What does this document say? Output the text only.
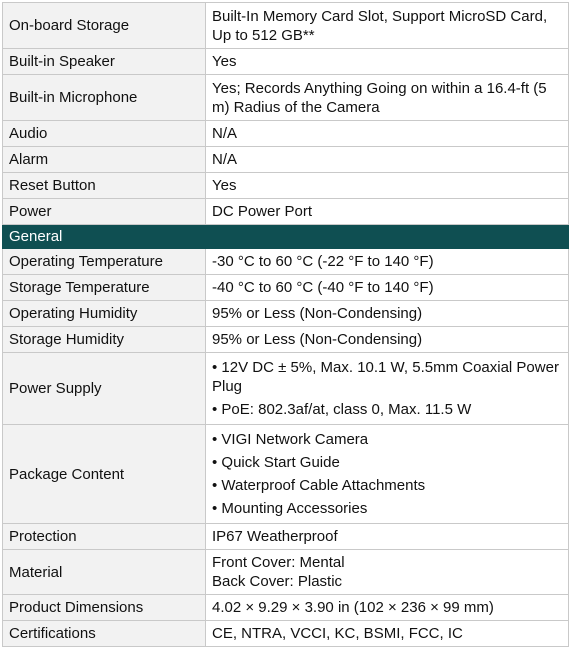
On-board Storage	Built-In Memory Card Slot, Support MicroSD Card, Up to 512 GB**
Built-in Speaker	Yes
Built-in Microphone	Yes; Records Anything Going on within a 16.4-ft (5 m) Radius of the Camera
Audio	N/A
Alarm	N/A
Reset Button	Yes
Power	DC Power Port
General	
Operating Temperature	-30 °C to 60 °C (-22 °F to 140 °F)
Storage Temperature	-40 °C to 60 °C (-40 °F to 140 °F)
Operating Humidity	95% or Less (Non-Condensing)
Storage Humidity	95% or Less (Non-Condensing)
Power Supply	• 12V DC ± 5%, Max. 10.1 W, 5.5mm Coaxial Power Plug
• PoE: 802.3af/at, class 0, Max. 11.5 W

Package Content	• VIGI Network Camera
• Quick Start Guide
• Waterproof Cable Attachments
• Mounting Accessories

Protection	IP67 Weatherproof
Material	Front Cover: Mental
Back Cover: Plastic

Product Dimensions	4.02 × 9.29 × 3.90 in (102 × 236 × 99 mm)
Certifications	CE, NTRA, VCCI, KC, BSMI, FCC, IC
